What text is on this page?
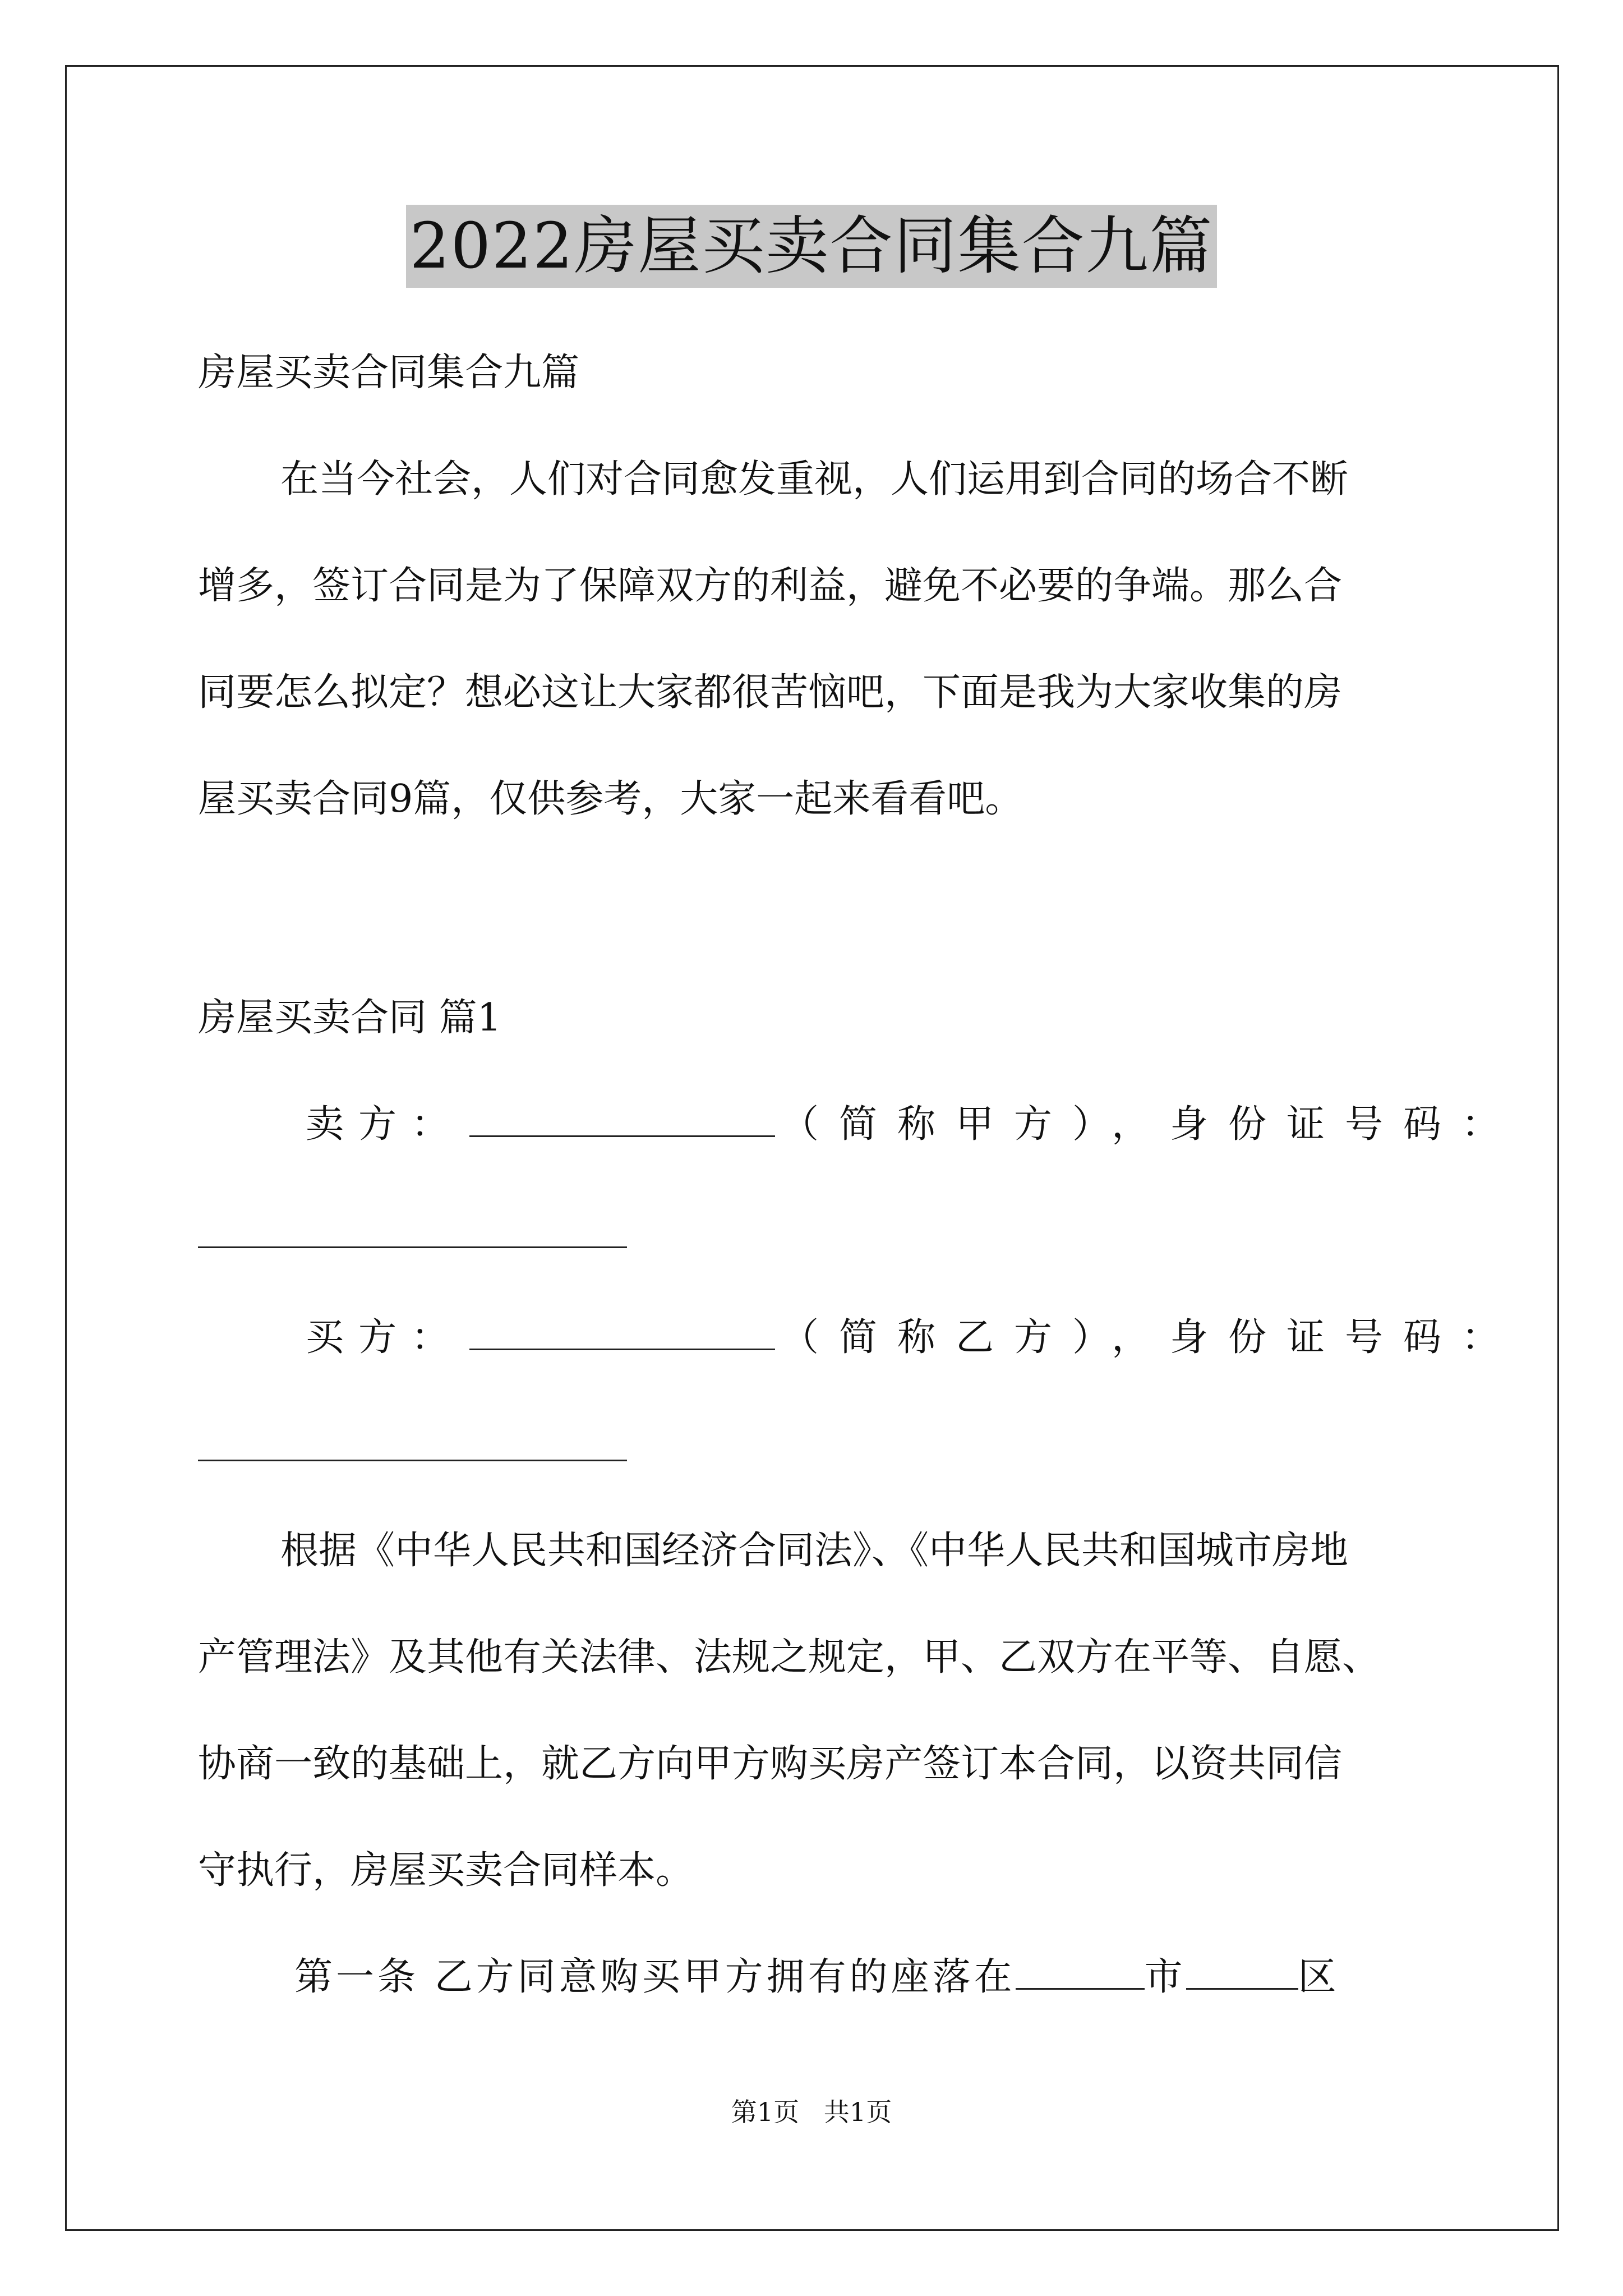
2022房屋买卖合同集合九篇
房屋买卖合同集合九篇
在当今社会，人们对合同愈发重视，人们运用到合同的场合不断
增多，签订合同是为了保障双方的利益，避免不必要的争端。那么合
同要怎么拟定？想必这让大家都很苦恼吧，下面是我为大家收集的房
屋买卖合同9篇，仅供参考，大家一起来看看吧。
房屋买卖合同 篇1
卖方：	（简称甲方），身份证号码：
买方：	（简称乙方），身份证号码：
根据《中华人民共和国经济合同法》、《中华人民共和国城市房地
产管理法》及其他有关法律、法规之规定，甲、乙双方在平等、自愿、
协商一致的基础上，就乙方向甲方购买房产签订本合同，以资共同信
守执行，房屋买卖合同样本。
第一条 乙方同意购买甲方拥有的座落在	市	区
第1页   共1页
